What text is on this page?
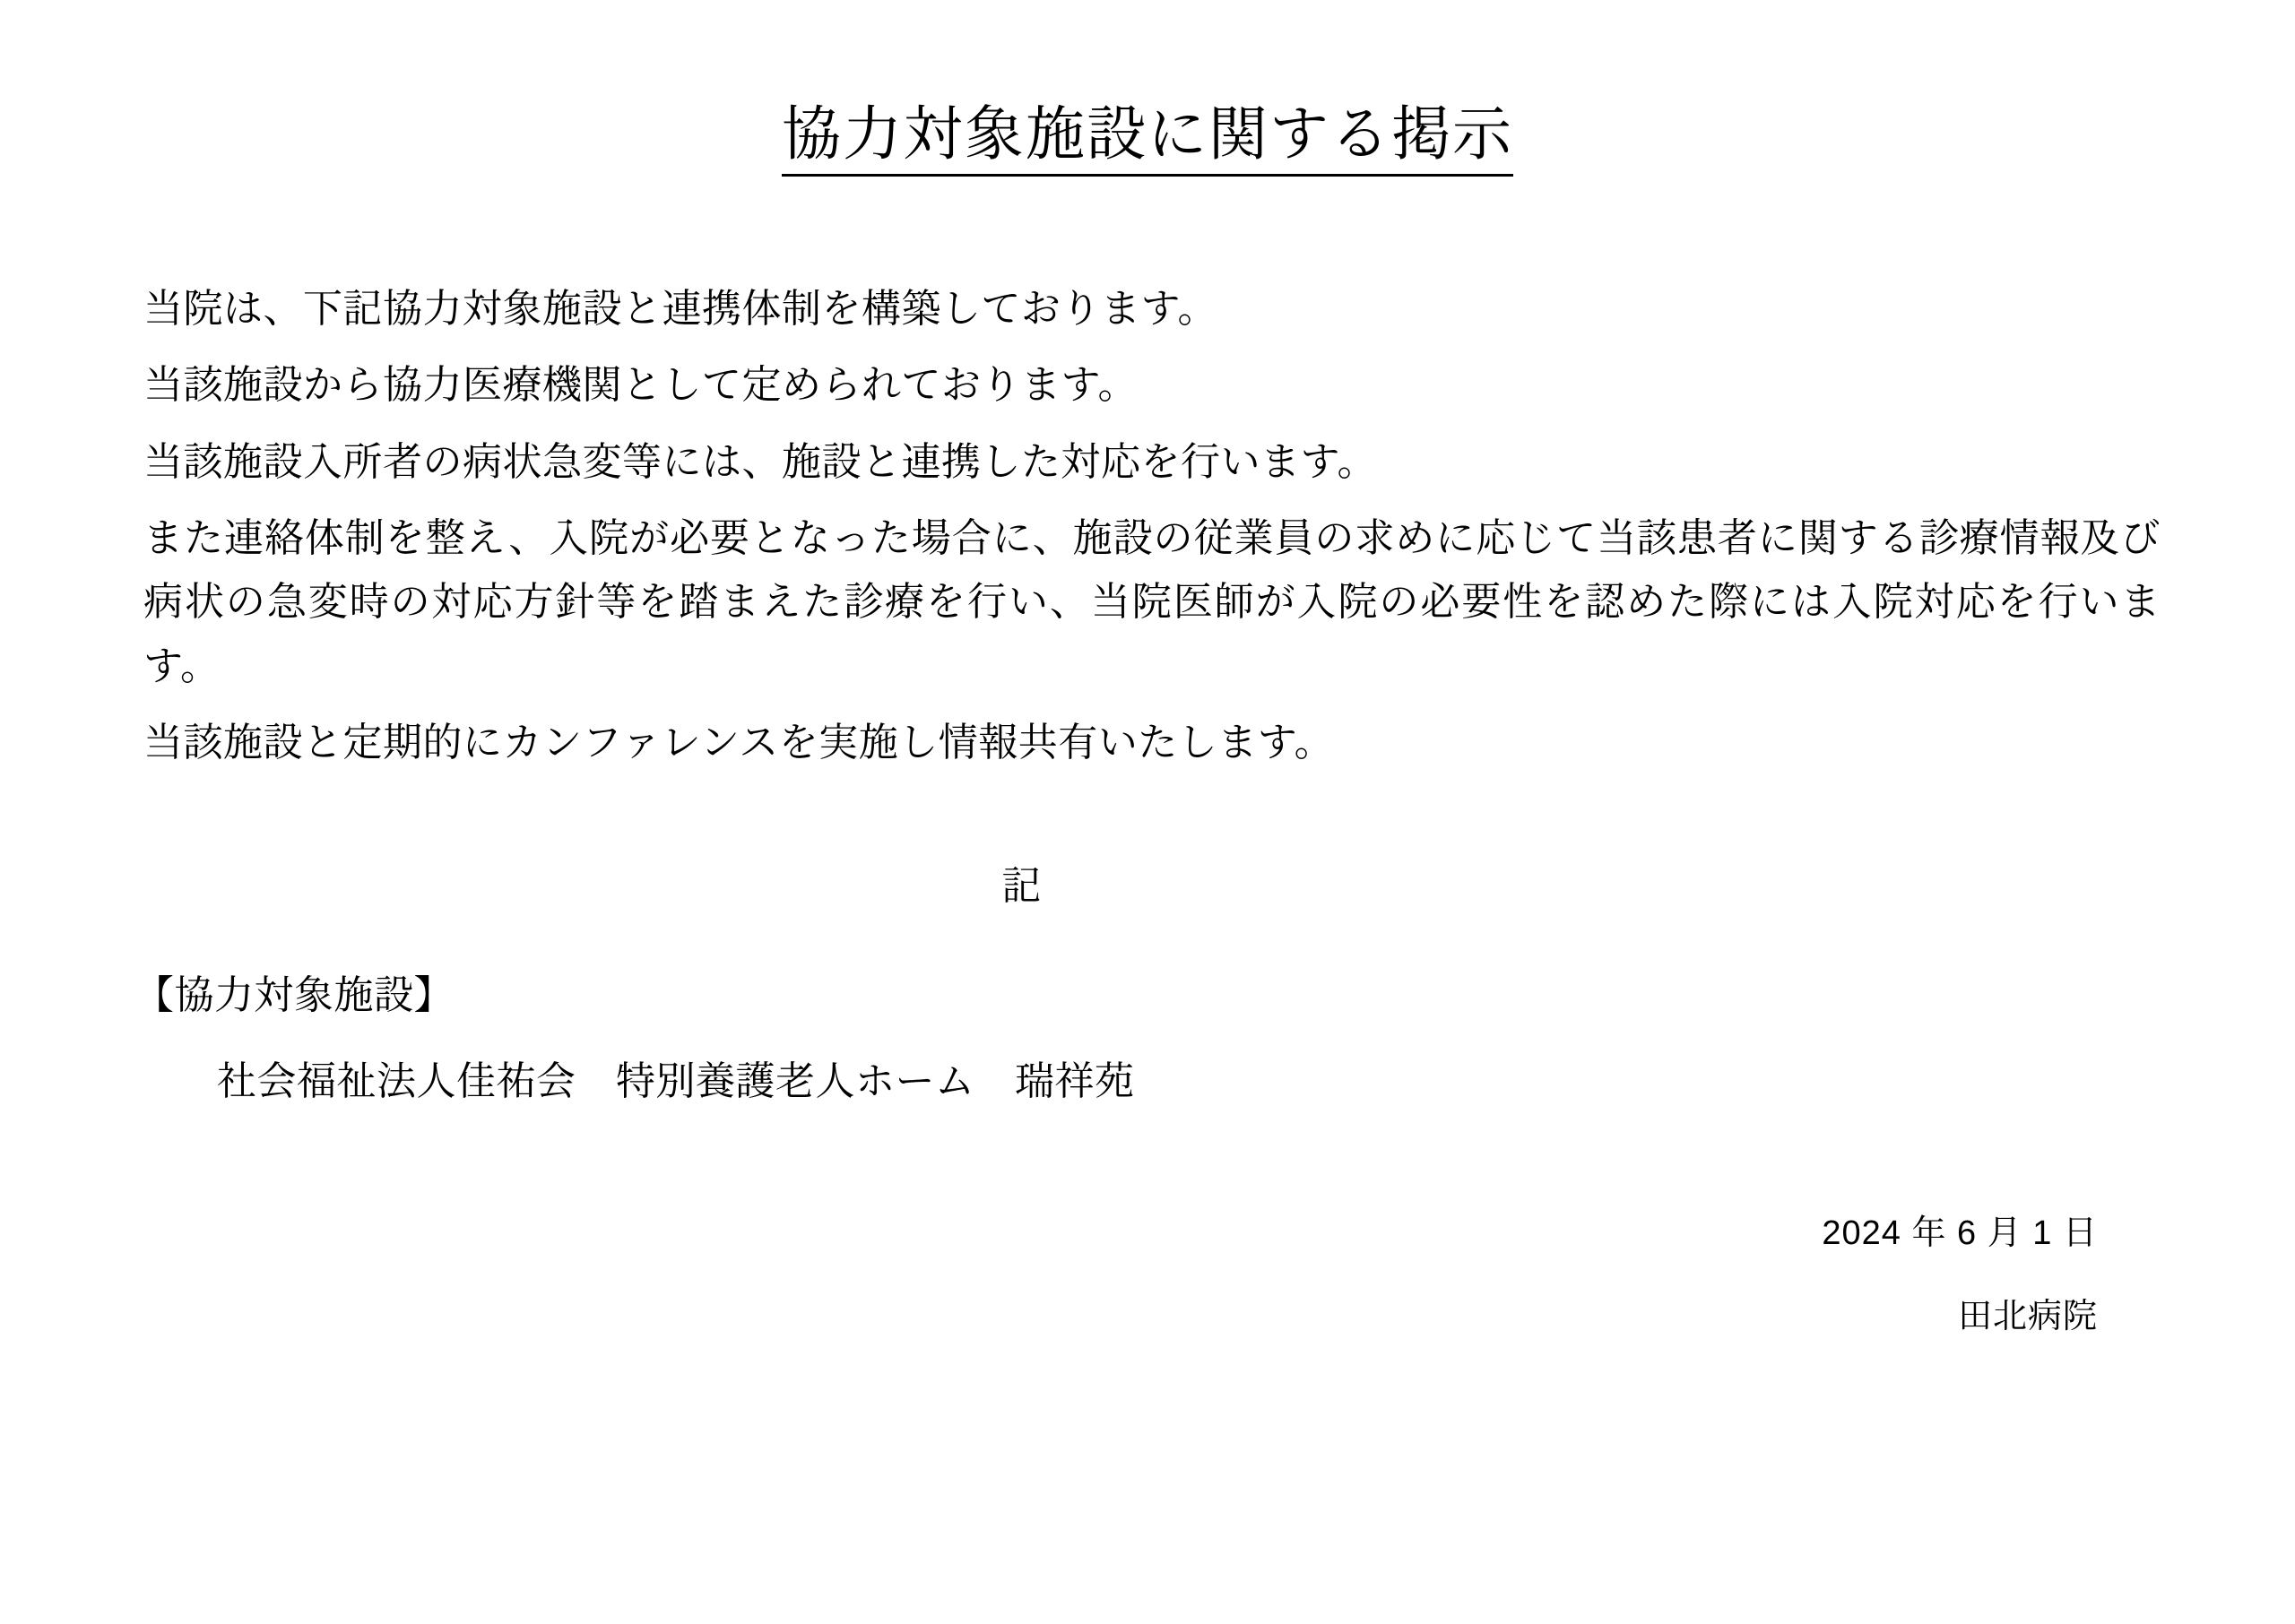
協力対象施設に関する掲示

当院は、下記協力対象施設と連携体制を構築しております。

当該施設から協力医療機関として定められております。

当該施設入所者の病状急変等には、施設と連携した対応を行います。

また連絡体制を整え、入院が必要となった場合に、施設の従業員の求めに応じて当該患者に関する診療情報及び病状の急変時の対応方針等を踏まえた診療を行い、当院医師が入院の必要性を認めた際には入院対応を行います。

当該施設と定期的にカンファレンスを実施し情報共有いたします。

記

【協力対象施設】

社会福祉法人佳祐会　特別養護老人ホーム　瑞祥苑

2024 年 6 月 1 日

田北病院
